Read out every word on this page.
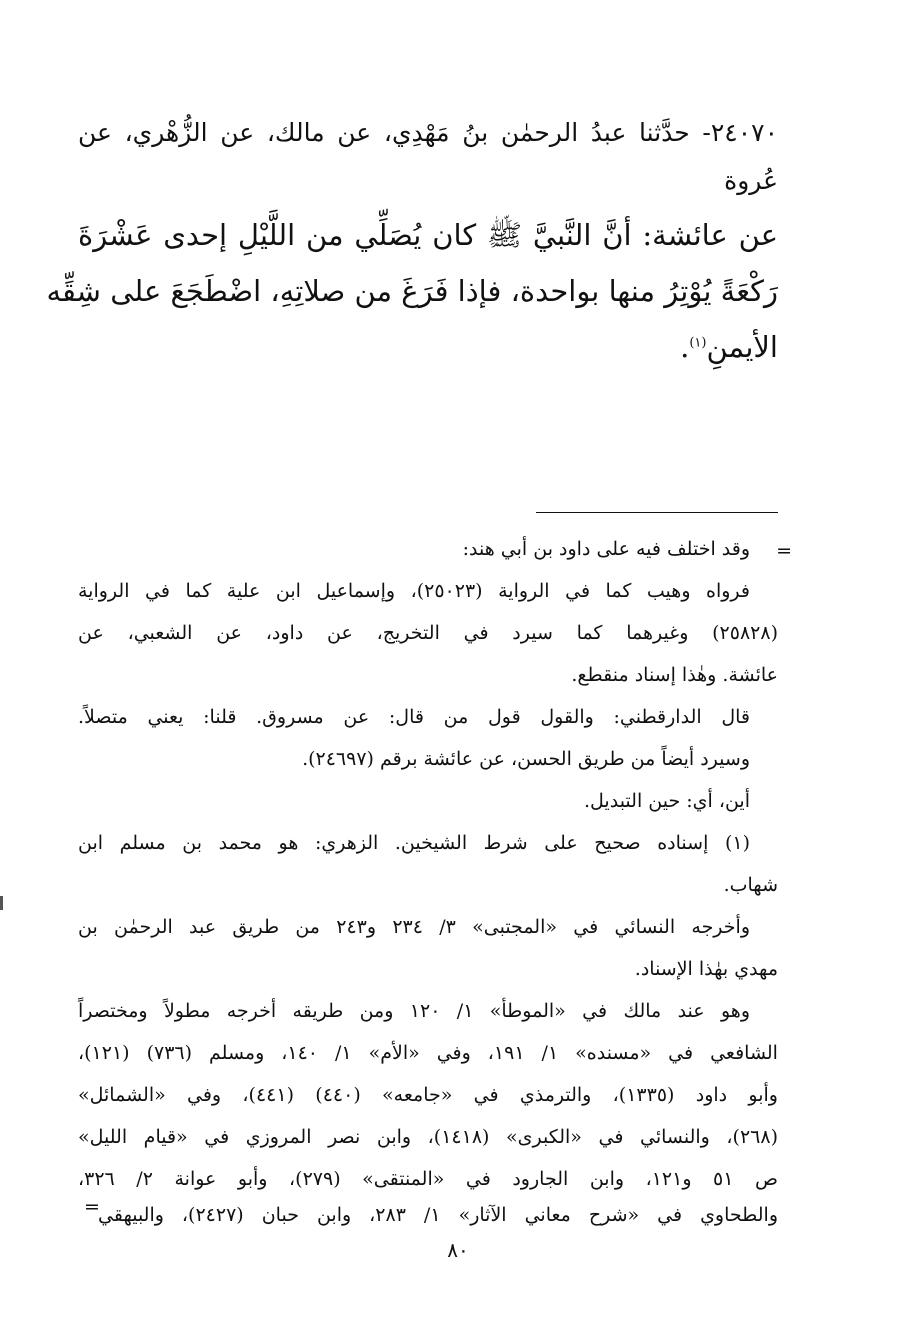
٢٤٠٧٠- حدَّثنا عبدُ الرحمٰن بنُ مَهْدِي، عن مالك، عن الزُّهْري، عن
عُروة
عن عائشة: أنَّ النَّبيَّ ﷺ كان يُصَلِّي من اللَّيْلِ إحدى عَشْرَةَ
رَكْعَةً يُوْتِرُ منها بواحدة، فإذا فَرَغَ من صلاتِهِ، اضْطَجَعَ على شِقِّه
الأيمنِ$^{(١)}$.
=
وقد اختلف فيه على داود بن أبي هند:
فرواه وهيب كما في الرواية (٢٥٠٢٣)، وإسماعيل ابن علية كما في الرواية
(٢٥٨٢٨) وغيرهما كما سيرد في التخريج، عن داود، عن الشعبي، عن
عائشة. وهٰذا إسناد منقطع.
قال الدارقطني: والقول قول من قال: عن مسروق. قلنا: يعني متصلاً.
وسيرد أيضاً من طريق الحسن، عن عائشة برقم (٢٤٦٩٧).
أين، أي: حين التبديل.
(١) إسناده صحيح على شرط الشيخين. الزهري: هو محمد بن مسلم ابن
شهاب.
وأخرجه النسائي في «المجتبى» ٣/ ٢٣٤ و٢٤٣ من طريق عبد الرحمٰن بن
مهدي بهٰذا الإسناد.
وهو عند مالك في «الموطأ» ١/ ١٢٠ ومن طريقه أخرجه مطولاً ومختصراً
الشافعي في «مسنده» ١/ ١٩١، وفي «الأم» ١/ ١٤٠، ومسلم (٧٣٦) (١٢١)،
وأبو داود (١٣٣٥)، والترمذي في «جامعه» (٤٤٠) (٤٤١)، وفي «الشمائل»
(٢٦٨)، والنسائي في «الكبرى» (١٤١٨)، وابن نصر المروزي في «قيام الليل»
ص ٥١ و١٢١، وابن الجارود في «المنتقى» (٢٧٩)، وأبو عوانة ٢/ ٣٢٦،
والطحاوي في «شرح معاني الآثار» ١/ ٢٨٣، وابن حبان (٢٤٢٧)، والبيهقي
=
٨٠
